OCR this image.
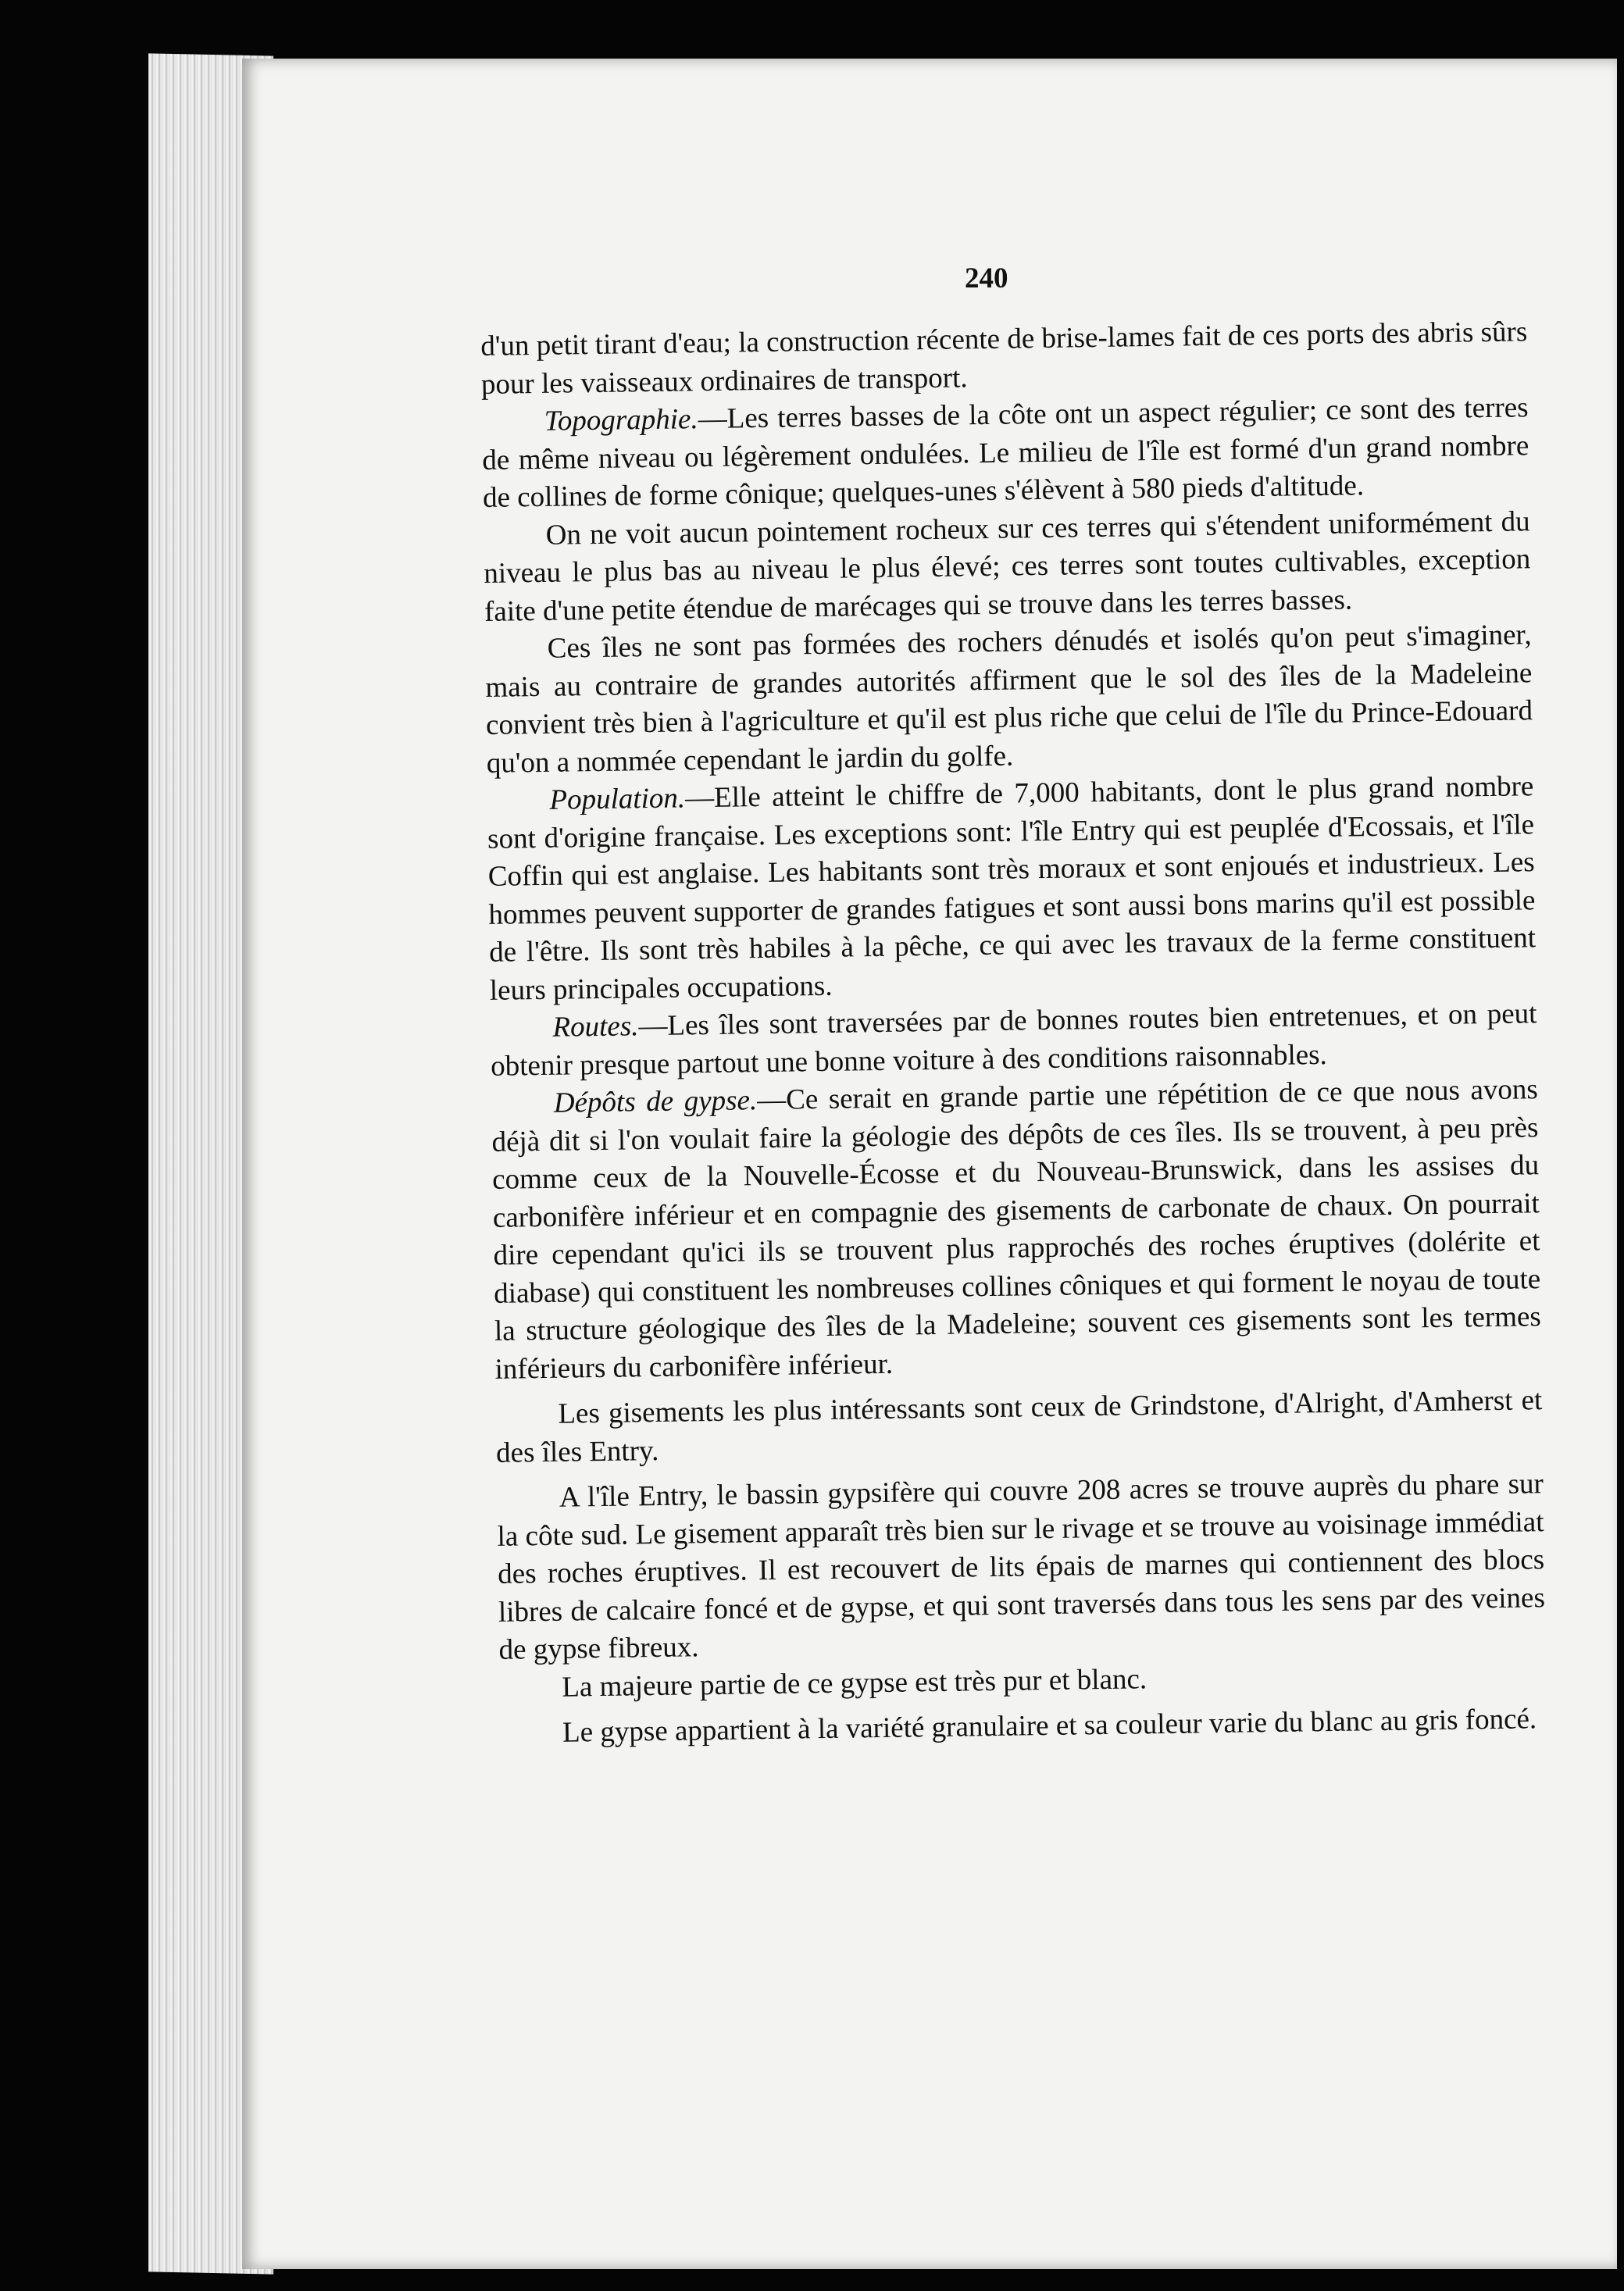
240

d'un petit tirant d'eau; la construction récente de brise-lames fait de ces ports des abris sûrs pour les vaisseaux ordinaires de transport.

Topographie.—Les terres basses de la côte ont un aspect régulier; ce sont des terres de même niveau ou légèrement ondulées. Le milieu de l'île est formé d'un grand nombre de collines de forme cônique; quelques-unes s'élèvent à 580 pieds d'altitude.

On ne voit aucun pointement rocheux sur ces terres qui s'étendent uniformément du niveau le plus bas au niveau le plus élevé; ces terres sont toutes cultivables, exception faite d'une petite étendue de marécages qui se trouve dans les terres basses.

Ces îles ne sont pas formées des rochers dénudés et isolés qu'on peut s'imaginer, mais au contraire de grandes autorités affirment que le sol des îles de la Madeleine convient très bien à l'agriculture et qu'il est plus riche que celui de l'île du Prince-Edouard qu'on a nommée cependant le jardin du golfe.

Population.—Elle atteint le chiffre de 7,000 habitants, dont le plus grand nombre sont d'origine française. Les exceptions sont: l'île Entry qui est peuplée d'Ecossais, et l'île Coffin qui est anglaise. Les habitants sont très moraux et sont enjoués et industrieux. Les hommes peuvent supporter de grandes fatigues et sont aussi bons marins qu'il est possible de l'être. Ils sont très habiles à la pêche, ce qui avec les travaux de la ferme constituent leurs principales occupations.

Routes.—Les îles sont traversées par de bonnes routes bien entretenues, et on peut obtenir presque partout une bonne voiture à des conditions raisonnables.

Dépôts de gypse.—Ce serait en grande partie une répétition de ce que nous avons déjà dit si l'on voulait faire la géologie des dépôts de ces îles. Ils se trouvent, à peu près comme ceux de la Nouvelle-Écosse et du Nouveau-Brunswick, dans les assises du carbonifère inférieur et en compagnie des gisements de carbonate de chaux. On pourrait dire cependant qu'ici ils se trouvent plus rapprochés des roches éruptives (dolérite et diabase) qui constituent les nombreuses collines côniques et qui forment le noyau de toute la structure géologique des îles de la Madeleine; souvent ces gisements sont les termes inférieurs du carbonifère inférieur.

Les gisements les plus intéressants sont ceux de Grindstone, d'Alright, d'Amherst et des îles Entry.

A l'île Entry, le bassin gypsifère qui couvre 208 acres se trouve auprès du phare sur la côte sud. Le gisement apparaît très bien sur le rivage et se trouve au voisinage immédiat des roches éruptives. Il est recouvert de lits épais de marnes qui contiennent des blocs libres de calcaire foncé et de gypse, et qui sont traversés dans tous les sens par des veines de gypse fibreux.

La majeure partie de ce gypse est très pur et blanc.

Le gypse appartient à la variété granulaire et sa couleur varie du blanc au gris foncé.
